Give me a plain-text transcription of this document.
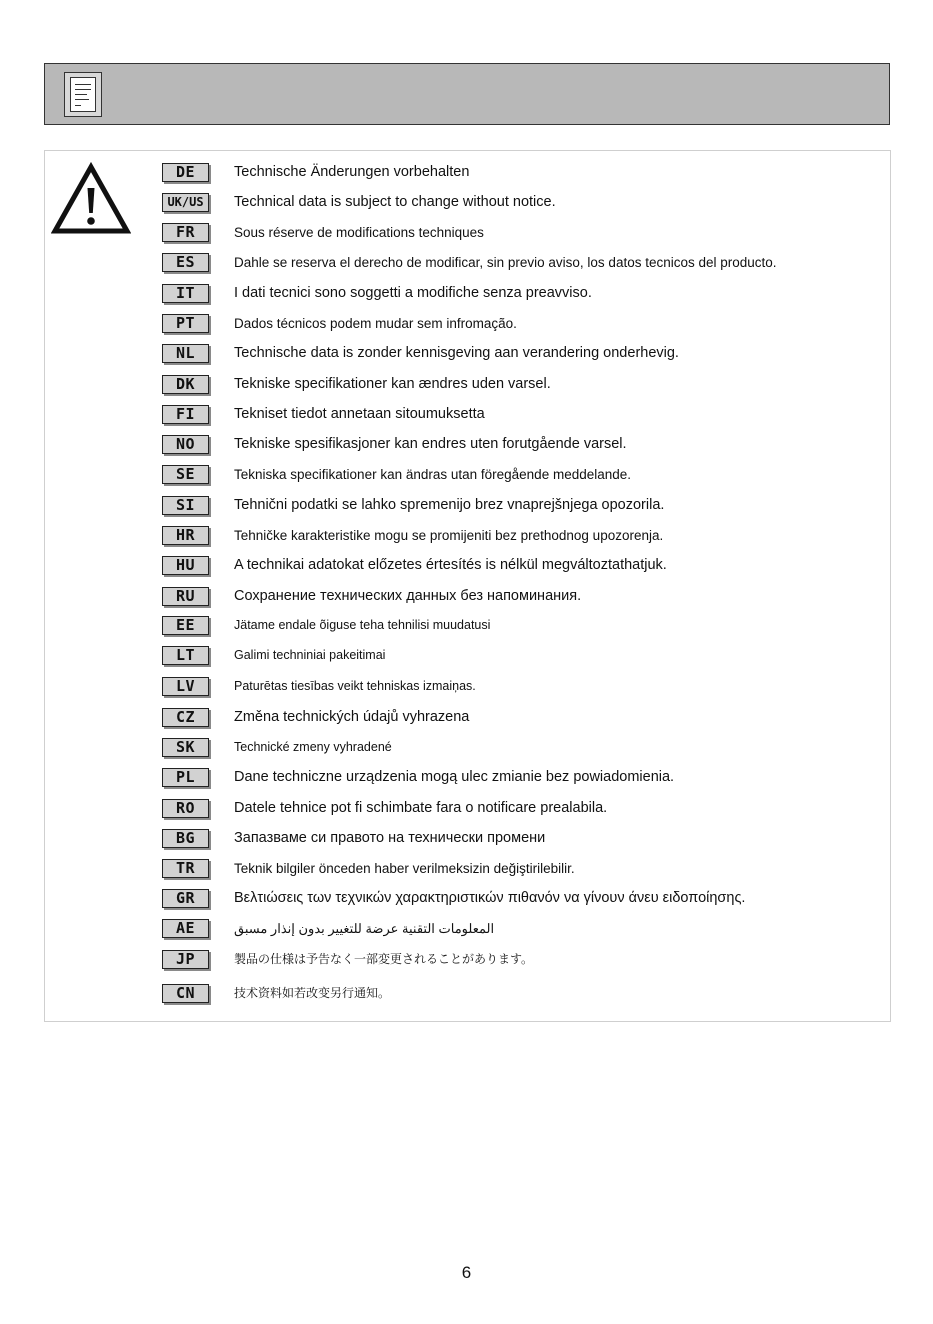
DE	Technische Änderungen vorbehalten
UK/US	Technical data is subject to change without notice.
FR	Sous réserve de modifications techniques
ES	Dahle se reserva el derecho de modificar, sin previo aviso, los datos tecnicos del producto.
IT	I dati tecnici sono soggetti a modifiche senza preavviso.
PT	Dados técnicos podem mudar sem infromação.
NL	Technische data is zonder kennisgeving aan verandering onderhevig.
DK	Tekniske specifikationer kan ændres uden varsel.
FI	Tekniset tiedot annetaan sitoumuksetta
NO	Tekniske spesifikasjoner kan endres uten forutgående varsel.
SE	Tekniska specifikationer kan ändras utan föregående meddelande.
SI	Tehnični podatki se lahko spremenijo brez vnaprejšnjega opozorila.
HR	Tehničke karakteristike mogu se promijeniti bez prethodnog upozorenja.
HU	A technikai adatokat előzetes értesítés is nélkül megváltoztathatjuk.
RU	Сохранение технических данных без напоминания.
EE	Jätame endale õiguse teha tehnilisi muudatusi
LT	Galimi techniniai pakeitimai
LV	Paturētas tiesības veikt tehniskas izmaiņas.
CZ	Změna technických údajů vyhrazena
SK	Technické zmeny vyhradené
PL	Dane techniczne urządzenia mogą ulec zmianie bez powiadomienia.
RO	Datele tehnice pot fi schimbate fara o notificare prealabila.
BG	Запазваме си правото на технически промени
TR	Teknik bilgiler önceden haber verilmeksizin değiştirilebilir.
GR	Βελτιώσεις των τεχνικών χαρακτηριστικών πιθανόν να γίνουν άνευ ειδοποίησης.
AE	المعلومات التقنية عرضة للتغيير بدون إنذار مسبق
JP	製品の仕様は予告なく一部変更されることがあります。
CN	技术资料如若改变另行通知。
6
